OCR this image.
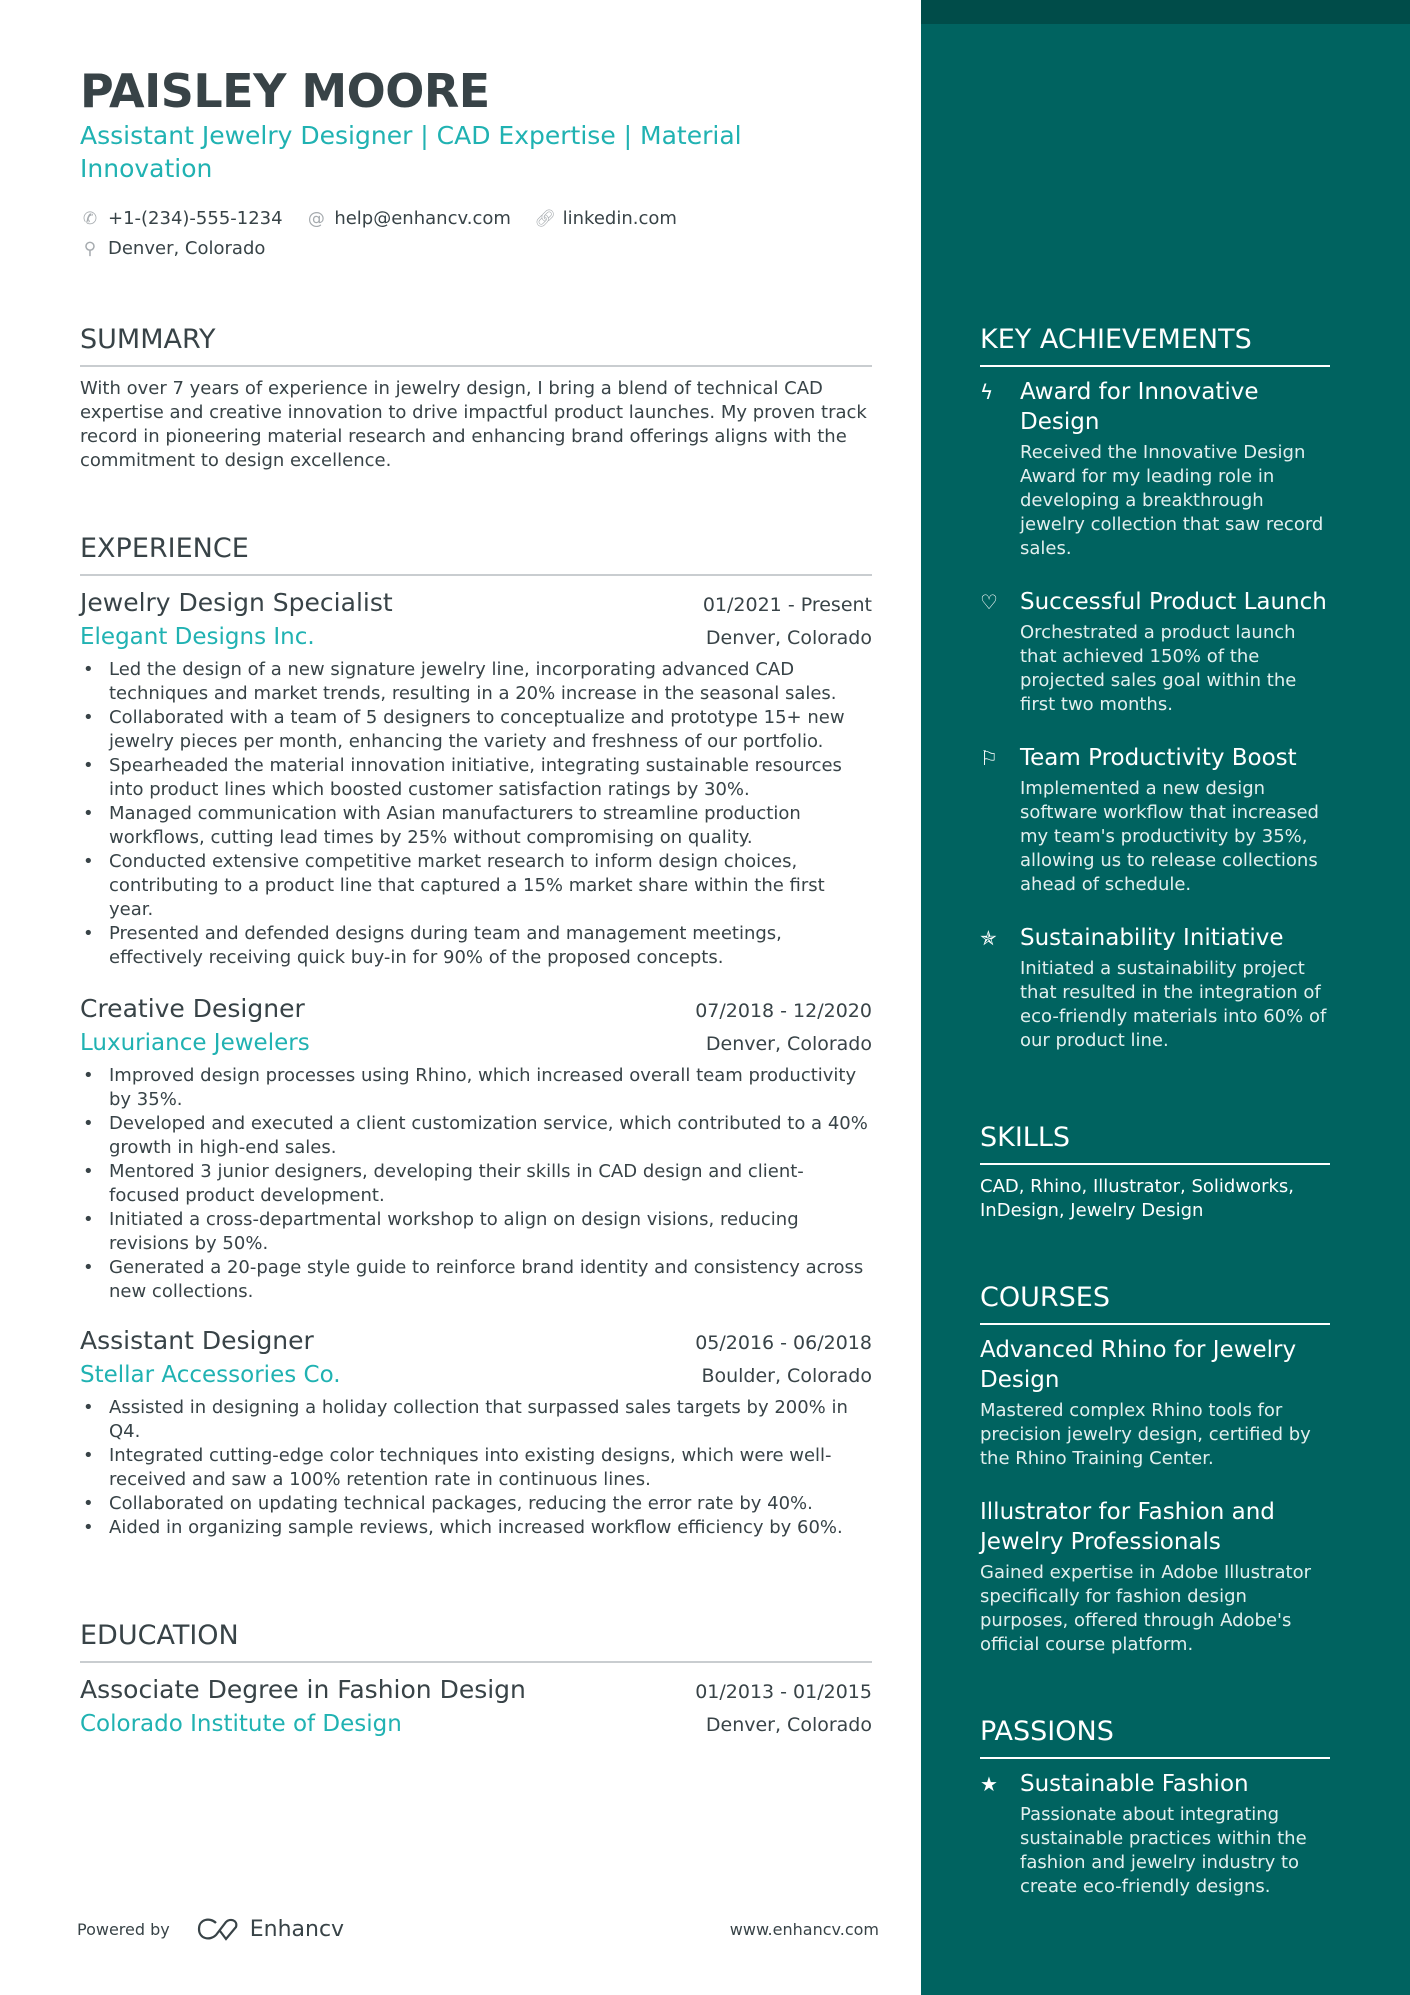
PAISLEY MOORE
Assistant Jewelry Designer | CAD Expertise | Material Innovation
✆ +1-(234)-555-1234
@ help@enhancv.com
🔗︎ linkedin.com

⚲ Denver, Colorado
SUMMARY
With over 7 years of experience in jewelry design, I bring a blend of technical CAD expertise and creative innovation to drive impactful product launches. My proven track record in pioneering material research and enhancing brand offerings aligns with the commitment to design excellence.
EXPERIENCE
Jewelry Design Specialist	01/2021 - Present
Elegant Designs Inc.	Denver, Colorado
• Led the design of a new signature jewelry line, incorporating advanced CAD techniques and market trends, resulting in a 20% increase in the seasonal sales.
• Collaborated with a team of 5 designers to conceptualize and prototype 15+ new jewelry pieces per month, enhancing the variety and freshness of our portfolio.
• Spearheaded the material innovation initiative, integrating sustainable resources into product lines which boosted customer satisfaction ratings by 30%.
• Managed communication with Asian manufacturers to streamline production workflows, cutting lead times by 25% without compromising on quality.
• Conducted extensive competitive market research to inform design choices, contributing to a product line that captured a 15% market share within the first year.
• Presented and defended designs during team and management meetings, effectively receiving quick buy-in for 90% of the proposed concepts.
Creative Designer	07/2018 - 12/2020
Luxuriance Jewelers	Denver, Colorado
• Improved design processes using Rhino, which increased overall team productivity by 35%.
• Developed and executed a client customization service, which contributed to a 40% growth in high-end sales.
• Mentored 3 junior designers, developing their skills in CAD design and client-focused product development.
• Initiated a cross-departmental workshop to align on design visions, reducing revisions by 50%.
• Generated a 20-page style guide to reinforce brand identity and consistency across new collections.
Assistant Designer	05/2016 - 06/2018
Stellar Accessories Co.	Boulder, Colorado
• Assisted in designing a holiday collection that surpassed sales targets by 200% in Q4.
• Integrated cutting-edge color techniques into existing designs, which were well-received and saw a 100% retention rate in continuous lines.
• Collaborated on updating technical packages, reducing the error rate by 40%.
• Aided in organizing sample reviews, which increased workflow efficiency by 60%.
EDUCATION
Associate Degree in Fashion Design	01/2013 - 01/2015
Colorado Institute of Design	Denver, Colorado
KEY ACHIEVEMENTS
ϟ	Award for Innovative Design
Received the Innovative Design Award for my leading role in developing a breakthrough jewelry collection that saw record sales.
♡ Successful Product Launch
Orchestrated a product launch that achieved 150% of the projected sales goal within the first two months.
⚐ Team Productivity Boost
Implemented a new design software workflow that increased my team's productivity by 35%, allowing us to release collections ahead of schedule.
✯	Sustainability Initiative
Initiated a sustainability project that resulted in the integration of eco-friendly materials into 60% of our product line.
SKILLS
CAD, Rhino, Illustrator, Solidworks, InDesign, Jewelry Design
COURSES
Advanced Rhino for Jewelry Design
Mastered complex Rhino tools for precision jewelry design, certified by the Rhino Training Center.
Illustrator for Fashion and Jewelry Professionals
Gained expertise in Adobe Illustrator specifically for fashion design purposes, offered through Adobe's official course platform.
PASSIONS
★ Sustainable Fashion
Passionate about integrating sustainable practices within the fashion and jewelry industry to create eco-friendly designs.
Powered by	Enhancv	www.enhancv.com
